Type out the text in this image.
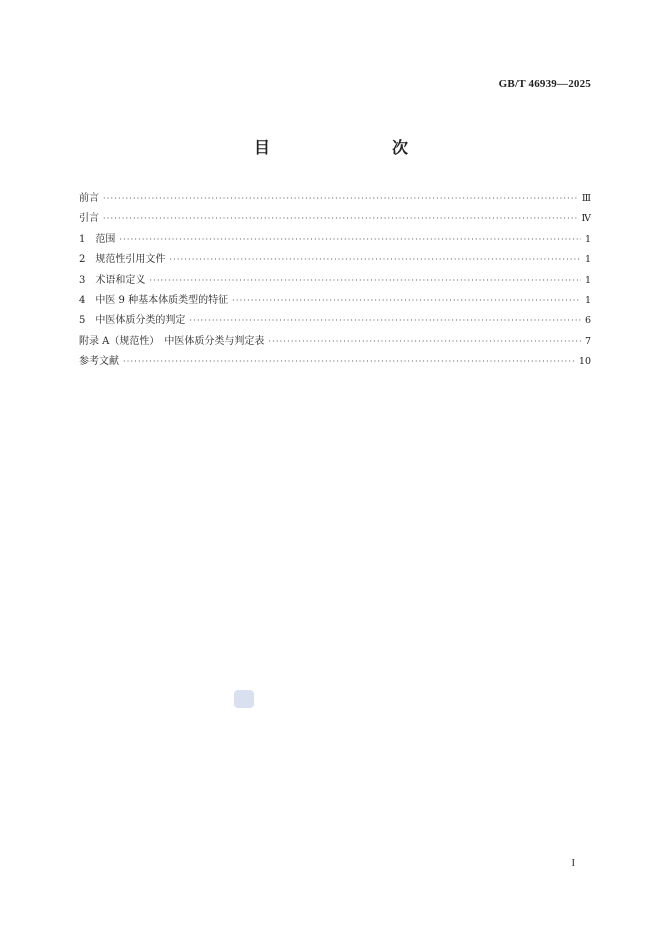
GB/T 46939—2025
目　　次
前言 ·····	Ⅲ
引言 ·····	Ⅳ
1 范围 ·····	1
2 规范性引用文件 ·····	1
3 术语和定义 ·····	1
4 中医 9 种基本体质类型的特征 ·····	1
5 中医体质分类的判定 ·····	6
附录 A（规范性）　中医体质分类与判定表 ·····	7
参考文献 ·····	10
I
